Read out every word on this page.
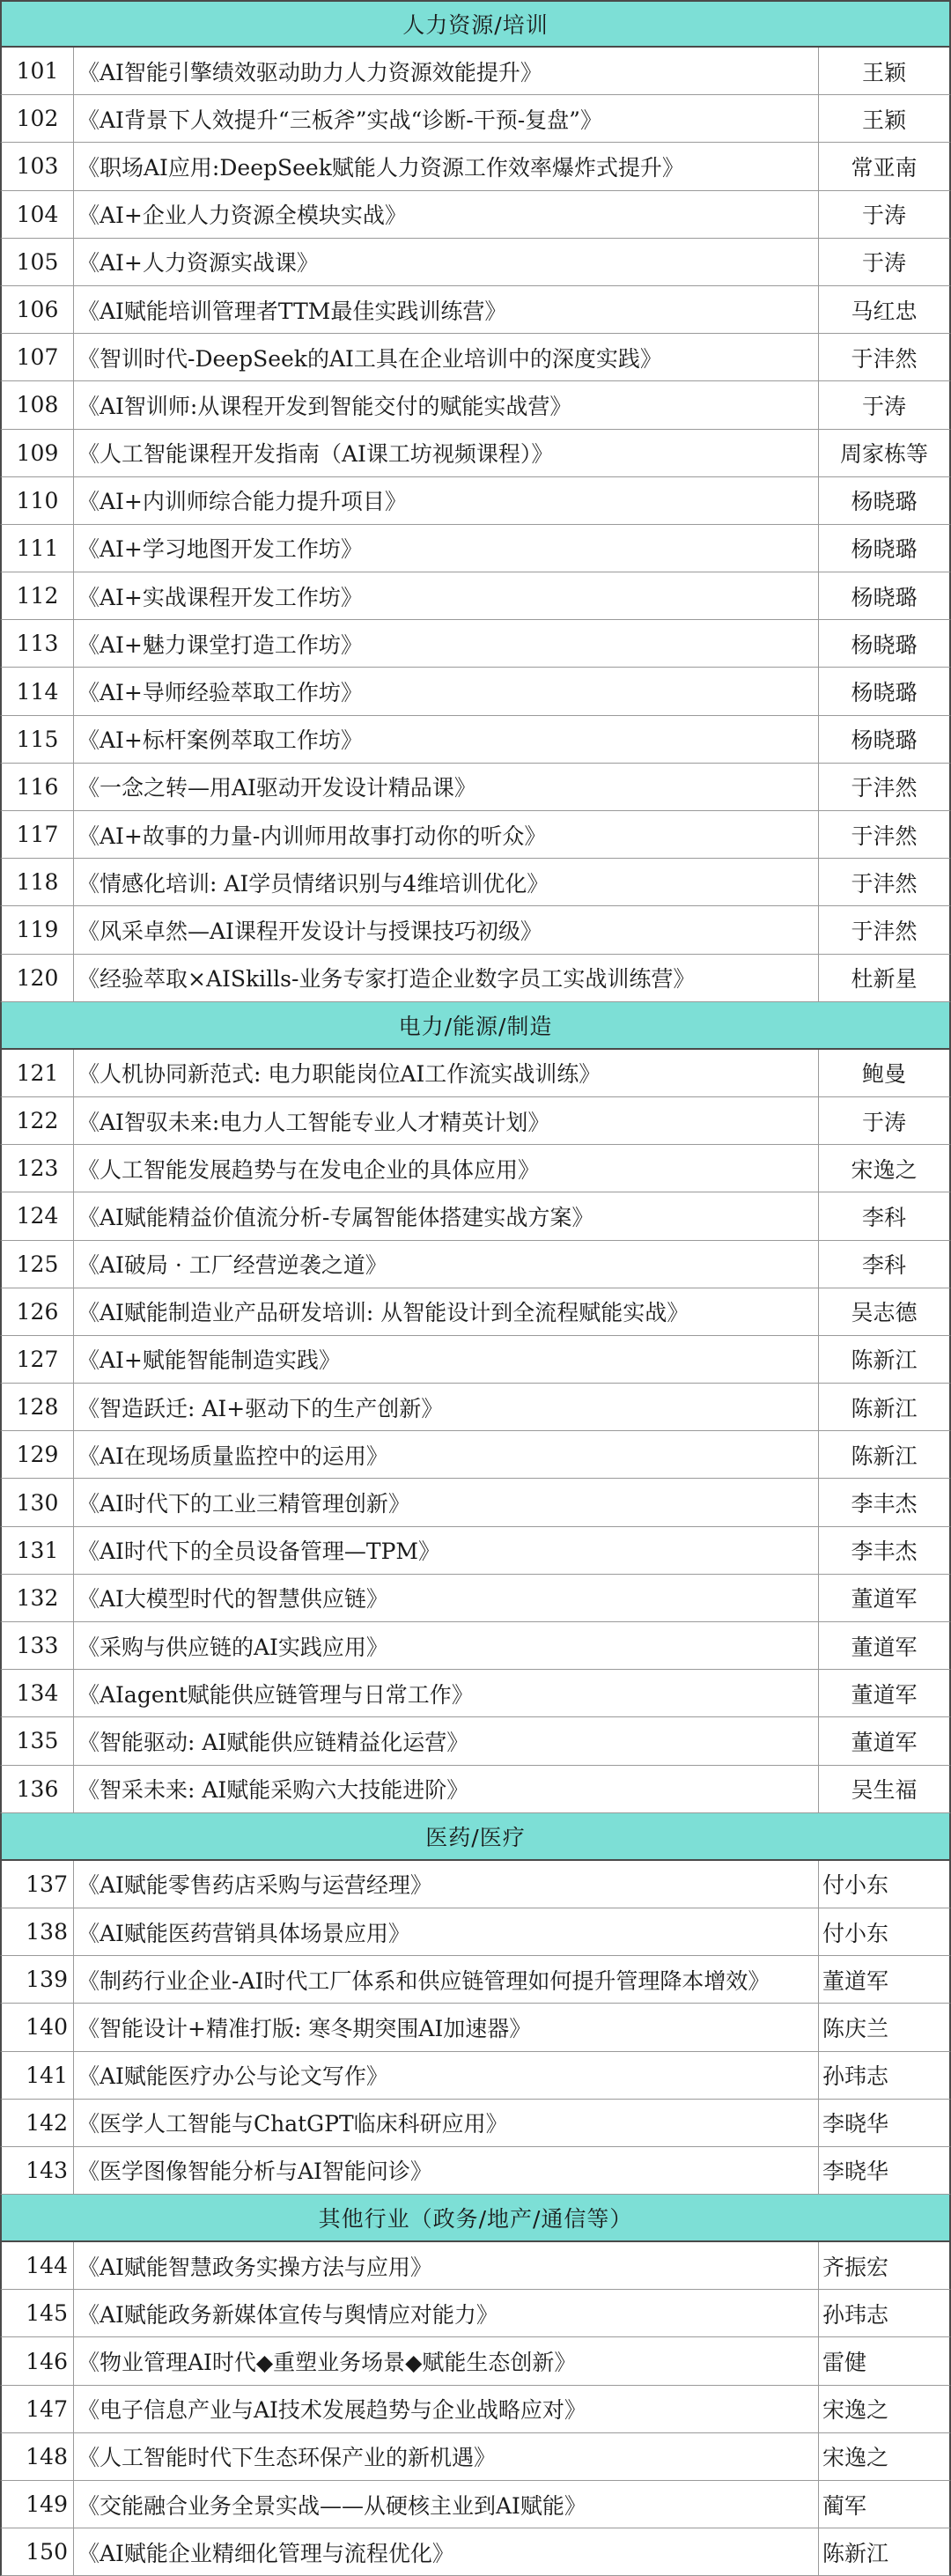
人力资源/培训
101 《AI智能引擎绩效驱动助力人力资源效能提升》	王颖
102 《AI背景下人效提升“三板斧”实战“诊断-干预-复盘”》	王颖
103 《职场AI应用:DeepSeek赋能人力资源工作效率爆炸式提升》	常亚南
104 《AI+企业人力资源全模块实战》	于涛
105 《AI+人力资源实战课》	于涛
106 《AI赋能培训管理者TTM最佳实践训练营》	马红忠
107 《智训时代-DeepSeek的AI工具在企业培训中的深度实践》	于沣然
108 《AI智训师:从课程开发到智能交付的赋能实战营》	于涛
109 《人工智能课程开发指南（AI课工坊视频课程）》	周家栋等
110 《AI+内训师综合能力提升项目》	杨晓璐
111 《AI+学习地图开发工作坊》	杨晓璐
112 《AI+实战课程开发工作坊》	杨晓璐
113 《AI+魅力课堂打造工作坊》	杨晓璐
114 《AI+导师经验萃取工作坊》	杨晓璐
115 《AI+标杆案例萃取工作坊》	杨晓璐
116 《一念之转—用AI驱动开发设计精品课》	于沣然
117 《AI+故事的力量-内训师用故事打动你的听众》	于沣然
118 《情感化培训: AI学员情绪识别与4维培训优化》	于沣然
119 《风采卓然—AI课程开发设计与授课技巧初级》	于沣然
120 《经验萃取×AISkills-业务专家打造企业数字员工实战训练营》	杜新星
电力/能源/制造
121 《人机协同新范式: 电力职能岗位AI工作流实战训练》	鲍曼
122 《AI智驭未来:电力人工智能专业人才精英计划》	于涛
123 《人工智能发展趋势与在发电企业的具体应用》	宋逸之
124 《AI赋能精益价值流分析-专属智能体搭建实战方案》	李科
125 《AI破局 · 工厂经营逆袭之道》	李科
126 《AI赋能制造业产品研发培训: 从智能设计到全流程赋能实战》	吴志德
127 《AI+赋能智能制造实践》	陈新江
128 《智造跃迁: AI+驱动下的生产创新》	陈新江
129 《AI在现场质量监控中的运用》	陈新江
130 《AI时代下的工业三精管理创新》	李丰杰
131 《AI时代下的全员设备管理—TPM》	李丰杰
132 《AI大模型时代的智慧供应链》	董道军
133 《采购与供应链的AI实践应用》	董道军
134 《AIagent赋能供应链管理与日常工作》	董道军
135 《智能驱动: AI赋能供应链精益化运营》	董道军
136 《智采未来: AI赋能采购六大技能进阶》	吴生福
医药/医疗
137 《AI赋能零售药店采购与运营经理》	付小东
138 《AI赋能医药营销具体场景应用》	付小东
139 《制药行业企业-AI时代工厂体系和供应链管理如何提升管理降本增效》	董道军
140 《智能设计+精准打版: 寒冬期突围AI加速器》	陈庆兰
141 《AI赋能医疗办公与论文写作》	孙玮志
142 《医学人工智能与ChatGPT临床科研应用》	李晓华
143 《医学图像智能分析与AI智能问诊》	李晓华
其他行业（政务/地产/通信等）
144 《AI赋能智慧政务实操方法与应用》	齐振宏
145 《AI赋能政务新媒体宣传与舆情应对能力》	孙玮志
146 《物业管理AI时代◆重塑业务场景◆赋能生态创新》	雷健
147 《电子信息产业与AI技术发展趋势与企业战略应对》	宋逸之
148 《人工智能时代下生态环保产业的新机遇》	宋逸之
149 《交能融合业务全景实战——从硬核主业到AI赋能》	蔺军
150 《AI赋能企业精细化管理与流程优化》	陈新江
